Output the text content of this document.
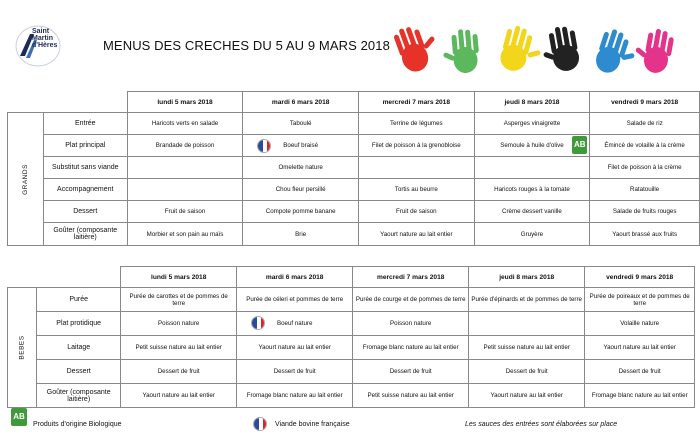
Saint
Martin
d'Hères	MENUS DES CRECHES DU 5 AU 9 MARS 2018
		lundi 5 mars 2018	mardi 6 mars 2018	mercredi 7 mars 2018	jeudi 8 mars 2018	vendredi 9 mars 2018
GRANDS	Entrée	Haricots verts en salade	Taboulé	Terrine de légumes	Asperges vinaigrette	Salade de riz
	Plat principal	Brandade de poisson	Boeuf braisé	Filet de poisson à la grenobloise	Semoule à huile d'olive AB	Émincé de volaille à la crème
	Substitut sans viande		Omelette nature			Filet de poisson à la crème
	Accompagnement		Chou fleur persillé	Tortis au beurre	Haricots rouges à la tomate	Ratatouille
	Dessert	Fruit de saison	Compote pomme banane	Fruit de saison	Crème dessert vanille	Salade de fruits rouges
	Goûter (composante laitière)	Morbier et son pain au maïs	Brie	Yaourt nature au lait entier	Gruyère	Yaourt brassé aux fruits
		lundi 5 mars 2018	mardi 6 mars 2018	mercredi 7 mars 2018	jeudi 8 mars 2018	vendredi 9 mars 2018
BEBES	Purée	Purée de carottes et de pommes de terre	Purée de céleri et pommes de terre	Purée de courge et de pommes de terre	Purée d'épinards et de pommes de terre	Purée de poireaux et de pommes de terre
	Plat protidique	Poisson nature	Boeuf nature	Poisson nature		Volaille nature
	Laitage	Petit suisse nature au lait entier	Yaourt nature au lait entier	Fromage blanc nature au lait entier	Petit suisse nature au lait entier	Yaourt nature au lait entier
	Dessert	Dessert de fruit	Dessert de fruit	Dessert de fruit	Dessert de fruit	Dessert de fruit
	Goûter (composante laitière)	Yaourt nature au lait entier	Fromage blanc nature au lait entier	Petit suisse nature au lait entier	Yaourt nature au lait entier	Fromage blanc nature au lait entier
AB
Produits d'origine Biologique	Viande bovine française	Les sauces des entrées sont élaborées sur place
